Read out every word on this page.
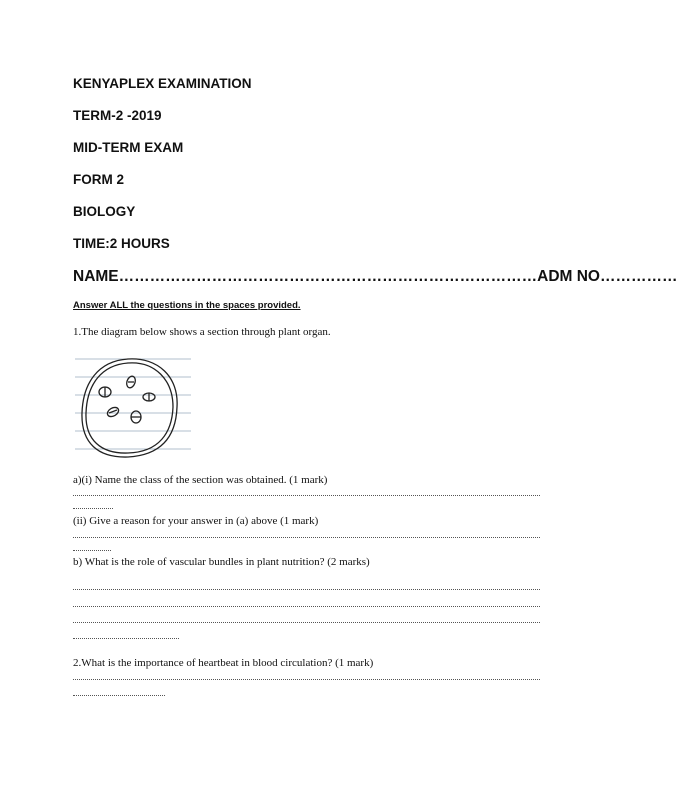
KENYAPLEX EXAMINATION
TERM-2 -2019
MID-TERM EXAM
FORM 2
BIOLOGY
TIME:2 HOURS
NAME………………………………………………………………………ADM NO……………
Answer ALL the questions in the spaces provided.
1.The diagram below shows a section through plant organ.
a)(i) Name the class of the section was obtained. (1 mark)
(ii) Give a reason for your answer in (a) above (1 mark)
b) What is the role of vascular bundles in plant nutrition? (2 marks)
2.What is the importance of heartbeat in blood circulation? (1 mark)
